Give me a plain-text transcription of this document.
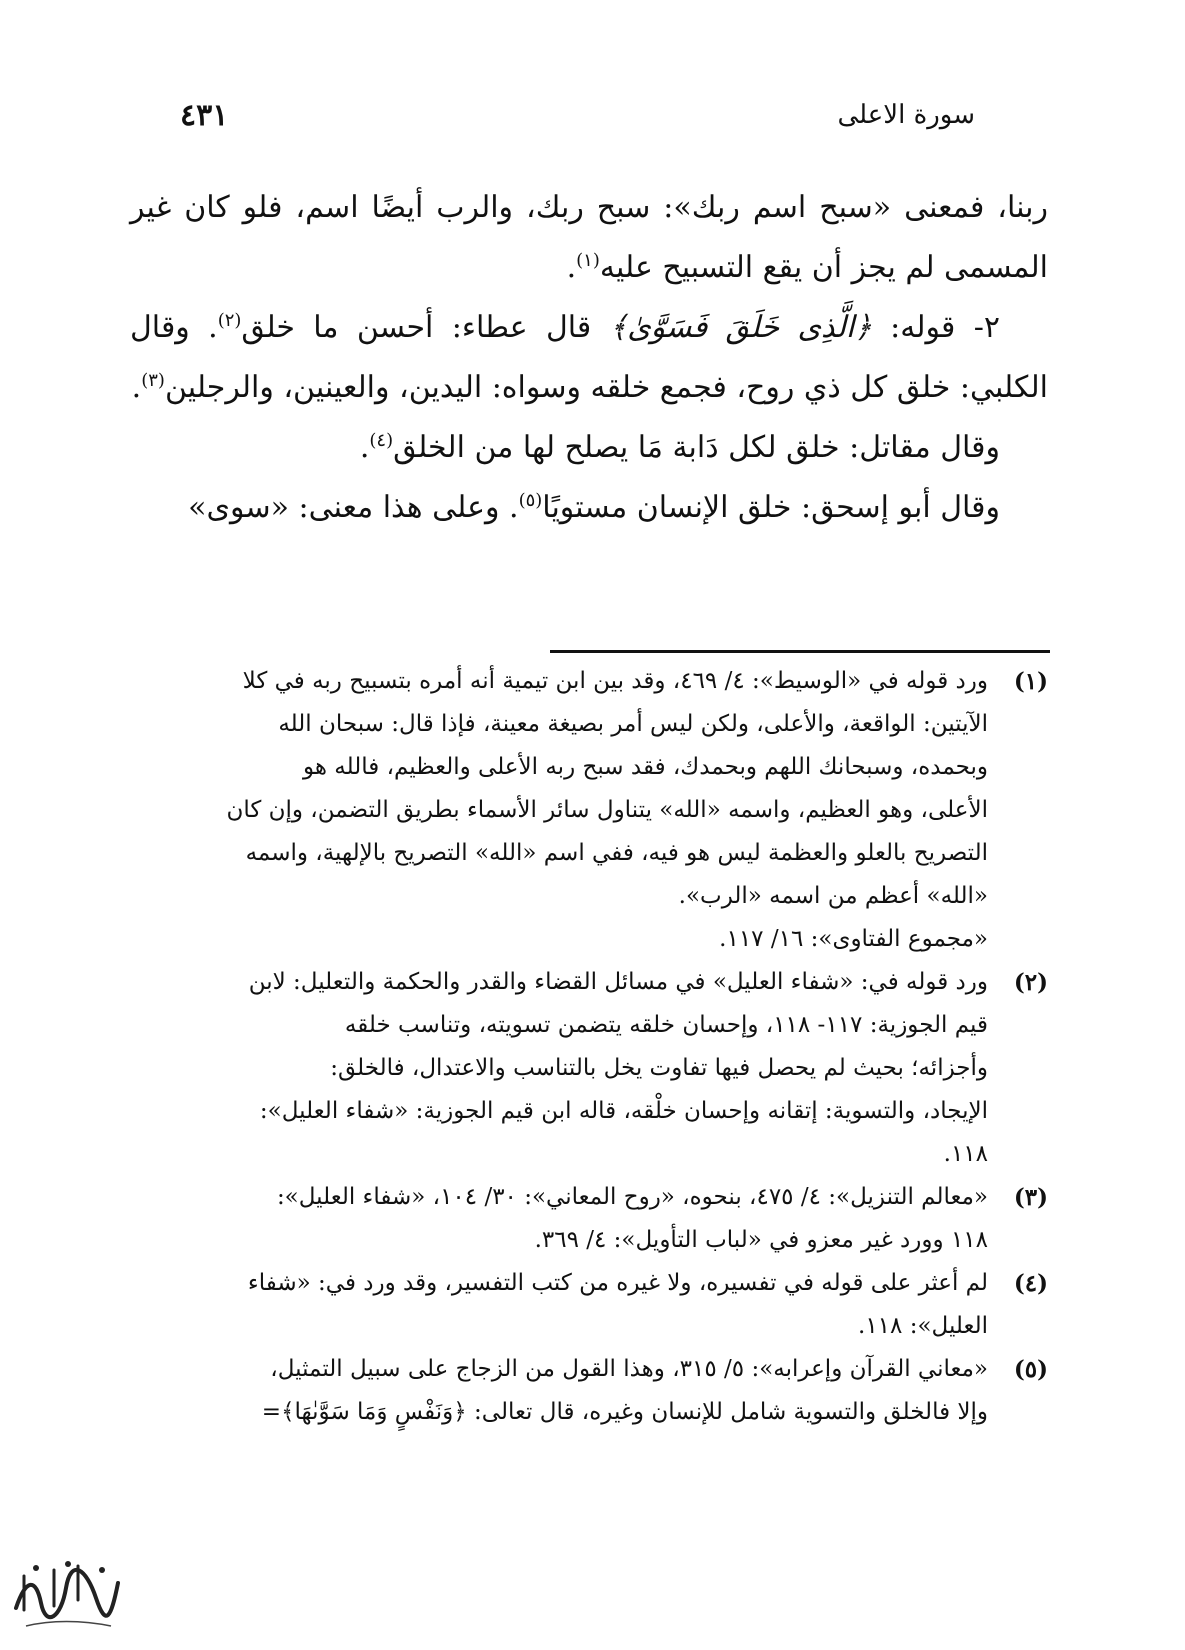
سورة الاعلى
٤٣١

ربنا، فمعنى «سبح اسم ربك»: سبح ربك، والرب أيضًا اسم، فلو كان غير المسمى لم يجز أن يقع التسبيح عليه$^{(١)}$.

٢- قوله: ﴿الَّذِى خَلَقَ فَسَوَّىٰ﴾ قال عطاء: أحسن ما خلق$^{(٢)}$. وقال الكلبي: خلق كل ذي روح، فجمع خلقه وسواه: اليدين، والعينين، والرجلين$^{(٣)}$.

وقال مقاتل: خلق لكل دَابة مَا يصلح لها من الخلق$^{(٤)}$.

وقال أبو إسحق: خلق الإنسان مستويًا$^{(٥)}$. وعلى هذا معنى: «سوى»

(١)
ورد قوله في «الوسيط»: ٤/ ٤٦٩، وقد بين ابن تيمية أنه أمره بتسبيح ربه في كلا
الآيتين: الواقعة، والأعلى، ولكن ليس أمر بصيغة معينة، فإذا قال: سبحان الله
وبحمده، وسبحانك اللهم وبحمدك، فقد سبح ربه الأعلى والعظيم، فالله هو
الأعلى، وهو العظيم، واسمه «الله» يتناول سائر الأسماء بطريق التضمن، وإن كان
التصريح بالعلو والعظمة ليس هو فيه، ففي اسم «الله» التصريح بالإلهية، واسمه
«الله» أعظم من اسمه «الرب».
«مجموع الفتاوى»: ١٦/ ١١٧.
(٢)
ورد قوله في: «شفاء العليل» في مسائل القضاء والقدر والحكمة والتعليل: لابن
قيم الجوزية: ١١٧- ١١٨، وإحسان خلقه يتضمن تسويته، وتناسب خلقه
وأجزائه؛ بحيث لم يحصل فيها تفاوت يخل بالتناسب والاعتدال، فالخلق:
الإيجاد، والتسوية: إتقانه وإحسان خلْقه، قاله ابن قيم الجوزية: «شفاء العليل»:
١١٨.
(٣)
«معالم التنزيل»: ٤/ ٤٧٥، بنحوه، «روح المعاني»: ٣٠/ ١٠٤، «شفاء العليل»:
١١٨ وورد غير معزو في «لباب التأويل»: ٤/ ٣٦٩.
(٤)
لم أعثر على قوله في تفسيره، ولا غيره من كتب التفسير، وقد ورد في: «شفاء
العليل»: ١١٨.
(٥)
«معاني القرآن وإعرابه»: ٥/ ٣١٥، وهذا القول من الزجاج على سبيل التمثيل،
وإلا فالخلق والتسوية شامل للإنسان وغيره، قال تعالى: ﴿وَنَفْسٍ وَمَا سَوَّىٰهَا﴾=
